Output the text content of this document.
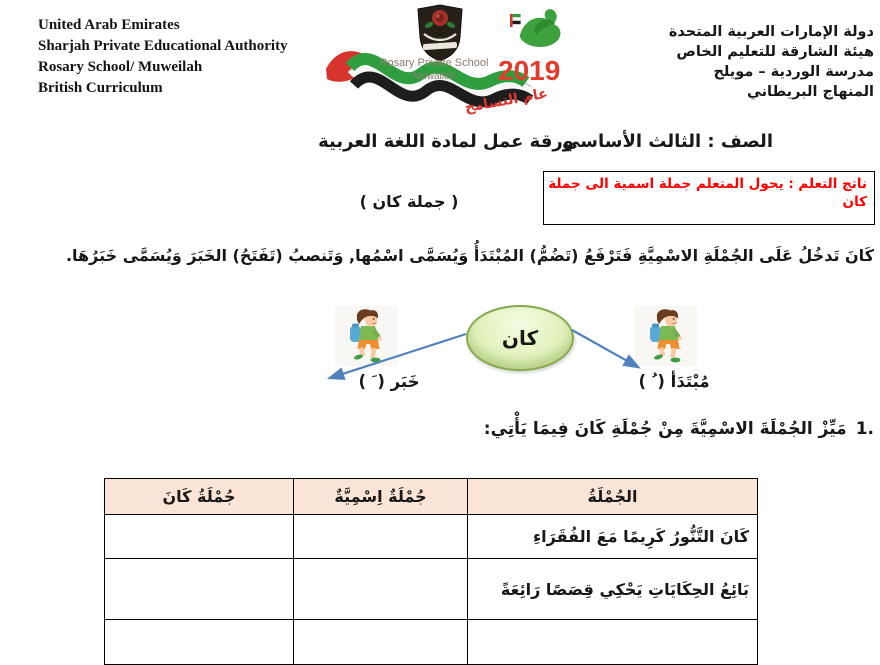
United Arab Emirates
Sharjah Private Educational Authority
Rosary School/ Muweilah
British Curriculum
دولة الإمارات العربية المتحدة
هيئة الشارقة للتعليم الخاص
مدرسة الوردية – مويلح
المنهاج البريطاني
Rosary Private School
Muwaileh 2019
عام التسامح
الصف : الثالث الأساسي
ورقة عمل لمادة اللغة العربية
ناتج التعلم : يحول المتعلم جملة اسمية الى جملة كان
( جملة كان )
كَانَ تَدخُلُ عَلَى الجُمْلَةِ الاسْمِيَّةِ فَتَرْفَعُ (تَضُمُّ) المُبْتَدَأُ وَيُسَمَّى اسْمُها, وَتَنصبُ (تَفَتَحُ) الخَبَرَ وَيُسَمَّى خَبَرُهَا.
كان
مُبْتَدَأ ( ُ )
خَبَر ( َ )
1.
مَيِّزْ الجُمْلَةَ الاسْمِيَّةَ مِنْ جُمْلَةِ كَانَ فِيمَا يَأْتِي:
الجُمْلَةُ	جُمْلَةٌ اِسْمِيَّةٌ	جُمْلَةُ كَانَ
كَانَ التَّنُّورُ كَرِيمًا مَعَ الفُقَرَاءِ		
بَائِعُ الحِكَايَاتِ يَحْكِي قِصَصًا رَائِعَةً		
